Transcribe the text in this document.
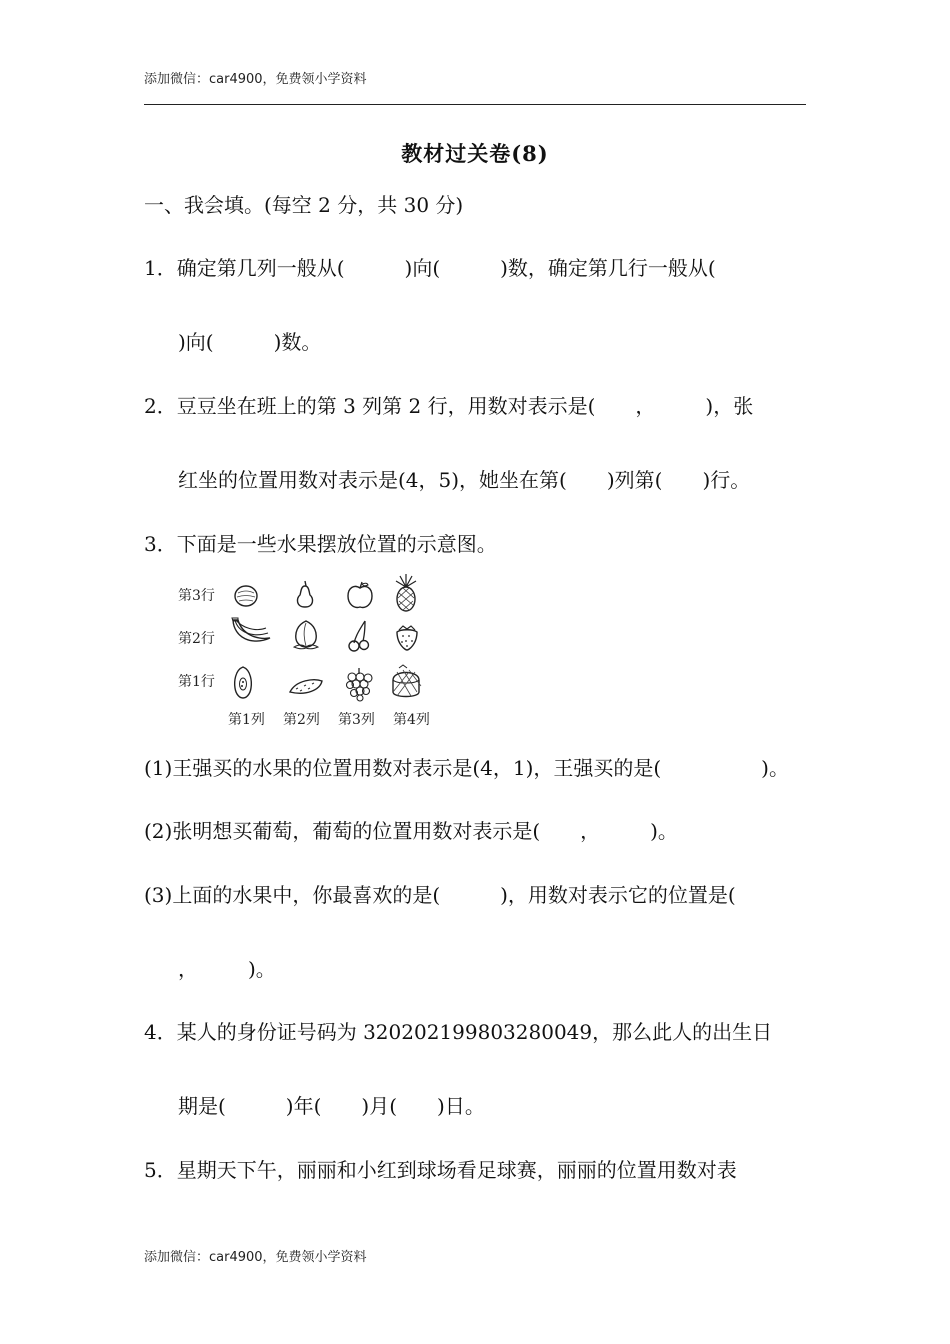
添加微信：car4900，免费领小学资料
教材过关卷(8)
一、我会填。(每空 2 分，共 30 分)
1．确定第几列一般从(　　　)向(　　　)数，确定第几行一般从(
)向(　　　)数。
2．豆豆坐在班上的第 3 列第 2 行，用数对表示是(　　，　　　)，张
红坐的位置用数对表示是(4，5)，她坐在第(　　)列第(　　)行。
3．下面是一些水果摆放位置的示意图。
第3行
第2行
第1行
第1列 第2列 第3列 第4列
(1)王强买的水果的位置用数对表示是(4，1)，王强买的是(　　　　　)。
(2)张明想买葡萄，葡萄的位置用数对表示是(　　，　　　)。
(3)上面的水果中，你最喜欢的是(　　　)，用数对表示它的位置是(
，　　　)。
4．某人的身份证号码为 320202199803280049，那么此人的出生日
期是(　　　)年(　　)月(　　)日。
5．星期天下午，丽丽和小红到球场看足球赛，丽丽的位置用数对表
添加微信：car4900，免费领小学资料
